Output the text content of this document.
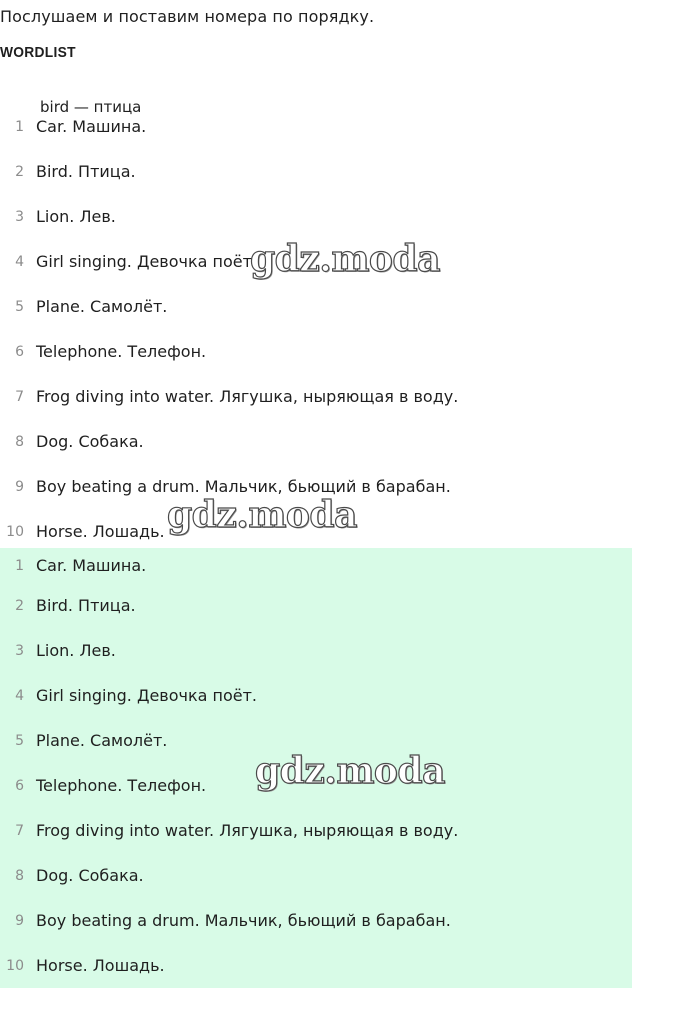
Послушаем и поставим номера по порядку.
WORDLIST
bird — птица
1 Car. Машина.
2 Bird. Птица.
3 Lion. Лев.
4 Girl singing. Девочка поёт.
5 Plane. Самолёт.
6 Telephone. Телефон.
7 Frog diving into water. Лягушка, ныряющая в воду.
8 Dog. Собака.
9 Boy beating a drum. Мальчик, бьющий в барабан.
10 Horse. Лошадь.
1 Car. Машина.
2 Bird. Птица.
3 Lion. Лев.
4 Girl singing. Девочка поёт.
5 Plane. Самолёт.
6 Telephone. Телефон.
7 Frog diving into water. Лягушка, ныряющая в воду.
8 Dog. Собака.
9 Boy beating a drum. Мальчик, бьющий в барабан.
10 Horse. Лошадь.
gdz.moda
gdz.moda
gdz.moda
